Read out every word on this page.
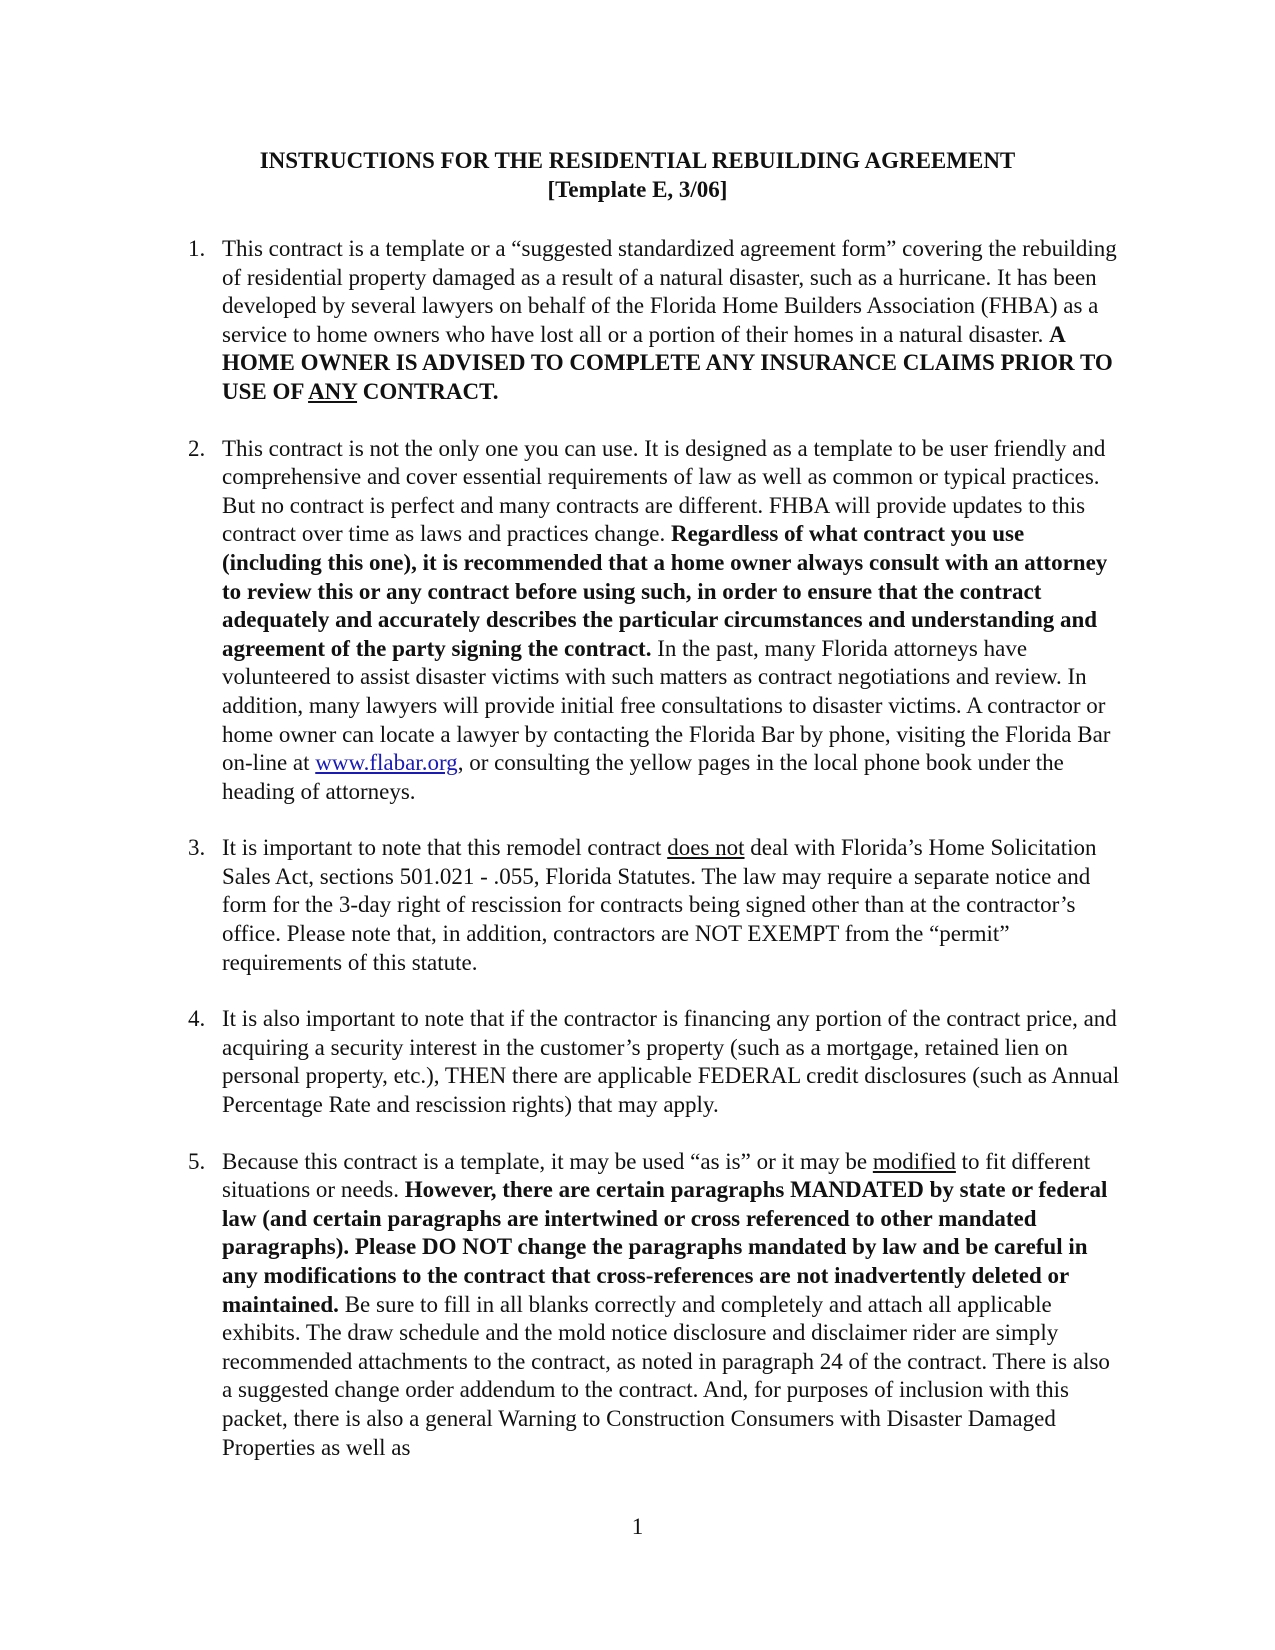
INSTRUCTIONS FOR THE RESIDENTIAL REBUILDING AGREEMENT
[Template E, 3/06]
1. This contract is a template or a “suggested standardized agreement form” covering the rebuilding of residential property damaged as a result of a natural disaster, such as a hurricane. It has been developed by several lawyers on behalf of the Florida Home Builders Association (FHBA) as a service to home owners who have lost all or a portion of their homes in a natural disaster. A HOME OWNER IS ADVISED TO COMPLETE ANY INSURANCE CLAIMS PRIOR TO USE OF ANY CONTRACT.
2. This contract is not the only one you can use. It is designed as a template to be user friendly and comprehensive and cover essential requirements of law as well as common or typical practices. But no contract is perfect and many contracts are different. FHBA will provide updates to this contract over time as laws and practices change. Regardless of what contract you use (including this one), it is recommended that a home owner always consult with an attorney to review this or any contract before using such, in order to ensure that the contract adequately and accurately describes the particular circumstances and understanding and agreement of the party signing the contract. In the past, many Florida attorneys have volunteered to assist disaster victims with such matters as contract negotiations and review. In addition, many lawyers will provide initial free consultations to disaster victims. A contractor or home owner can locate a lawyer by contacting the Florida Bar by phone, visiting the Florida Bar on-line at www.flabar.org, or consulting the yellow pages in the local phone book under the heading of attorneys.
3. It is important to note that this remodel contract does not deal with Florida’s Home Solicitation Sales Act, sections 501.021 - .055, Florida Statutes. The law may require a separate notice and form for the 3-day right of rescission for contracts being signed other than at the contractor’s office. Please note that, in addition, contractors are NOT EXEMPT from the “permit” requirements of this statute.
4. It is also important to note that if the contractor is financing any portion of the contract price, and acquiring a security interest in the customer’s property (such as a mortgage, retained lien on personal property, etc.), THEN there are applicable FEDERAL credit disclosures (such as Annual Percentage Rate and rescission rights) that may apply.
5. Because this contract is a template, it may be used “as is” or it may be modified to fit different situations or needs. However, there are certain paragraphs MANDATED by state or federal law (and certain paragraphs are intertwined or cross referenced to other mandated paragraphs). Please DO NOT change the paragraphs mandated by law and be careful in any modifications to the contract that cross-references are not inadvertently deleted or maintained. Be sure to fill in all blanks correctly and completely and attach all applicable exhibits. The draw schedule and the mold notice disclosure and disclaimer rider are simply recommended attachments to the contract, as noted in paragraph 24 of the contract. There is also a suggested change order addendum to the contract. And, for purposes of inclusion with this packet, there is also a general Warning to Construction Consumers with Disaster Damaged Properties as well as
1
